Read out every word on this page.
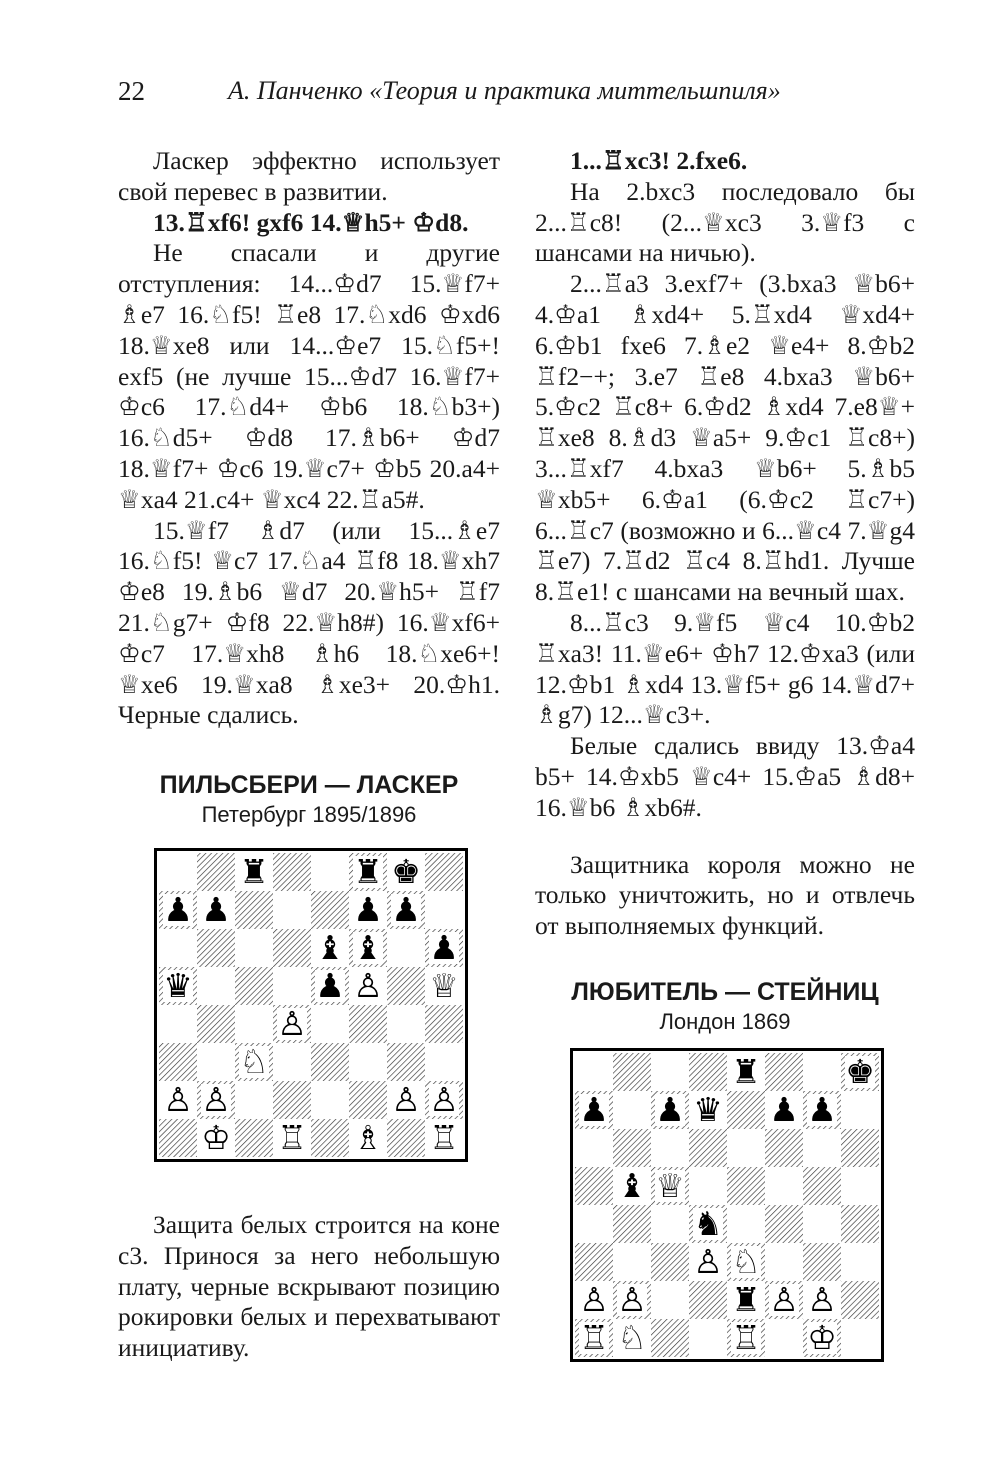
22	А. Панченко «Теория и практика миттельшпиля»

Ласкер эффектно использует свой перевес в развитии.

13.♖xf6! gxf6 14.♕h5+ ♔d8.

Не спасали и другие отступления: 14...♔d7 15.♕f7+ ♗e7 16.♘f5! ♖e8 17.♘xd6 ♔xd6 18.♕xe8 или 14...♔e7 15.♘f5+! exf5 (не лучше 15...♔d7 16.♕f7+ ♔c6 17.♘d4+ ♔b6 18.♘b3+) 16.♘d5+ ♔d8 17.♗b6+ ♔d7 18.♕f7+ ♔c6 19.♕c7+ ♔b5 20.a4+ ♕xa4 21.c4+ ♕xc4 22.♖a5#.

15.♕f7 ♗d7 (или 15...♗e7 16.♘f5! ♕c7 17.♘a4 ♖f8 18.♕xh7 ♔e8 19.♗b6 ♕d7 20.♕h5+ ♖f7 21.♘g7+ ♔f8 22.♕h8#) 16.♕xf6+ ♔c7 17.♕xh8 ♗h6 18.♘xe6+! ♕xe6 19.♕xa8 ♗xe3+ 20.♔h1. Черные сдались.

ПИЛЬСБЕРИ — ЛАСКЕР
Петербург 1895/1896
♜	♜ ♚
♟ ♟	♟ ♟
♝ ♝ ♟
♛	♟ ♙ ♕
♙
♘
♙ ♙	♙ ♙
♔ ♖ ♗ ♖

Защита белых строится на коне c3. Принося за него небольшую плату, черные вскрывают позицию рокировки белых и перехватывают инициативу.

1...♖xc3! 2.fxe6.

На 2.bxc3 последовало бы 2...♖c8! (2...♕xc3 3.♕f3 с шансами на ничью).

2...♖a3 3.exf7+ (3.bxa3 ♕b6+ 4.♔a1 ♗xd4+ 5.♖xd4 ♕xd4+ 6.♔b1 fxe6 7.♗e2 ♕e4+ 8.♔b2 ♖f2−+; 3.e7 ♖e8 4.bxa3 ♕b6+ 5.♔c2 ♖c8+ 6.♔d2 ♗xd4 7.e8♕+ ♖xe8 8.♗d3 ♕a5+ 9.♔c1 ♖c8+) 3...♖xf7 4.bxa3 ♕b6+ 5.♗b5 ♕xb5+ 6.♔a1 (6.♔c2 ♖c7+) 6...♖c7 (возможно и 6...♕c4 7.♕g4 ♖e7) 7.♖d2 ♖c4 8.♖hd1. Лучше 8.♖e1! с шансами на вечный шах.

8...♖c3 9.♕f5 ♕c4 10.♔b2 ♖xa3! 11.♕e6+ ♔h7 12.♔xa3 (или 12.♔b1 ♗xd4 13.♕f5+ g6 14.♕d7+ ♗g7) 12...♕c3+.

Белые сдались ввиду 13.♔a4 b5+ 14.♔xb5 ♕c4+ 15.♔a5 ♗d8+ 16.♕b6 ♗xb6#.

Защитника короля можно не только уничтожить, но и отвлечь от выполняемых функций.

ЛЮБИТЕЛЬ — СТЕЙНИЦ
Лондон 1869
♜	♚
♟ ♟ ♛ ♟ ♟
♝ ♕
♞
♙ ♘
♙ ♙	♜ ♙ ♙
♖ ♘	♖ ♔
